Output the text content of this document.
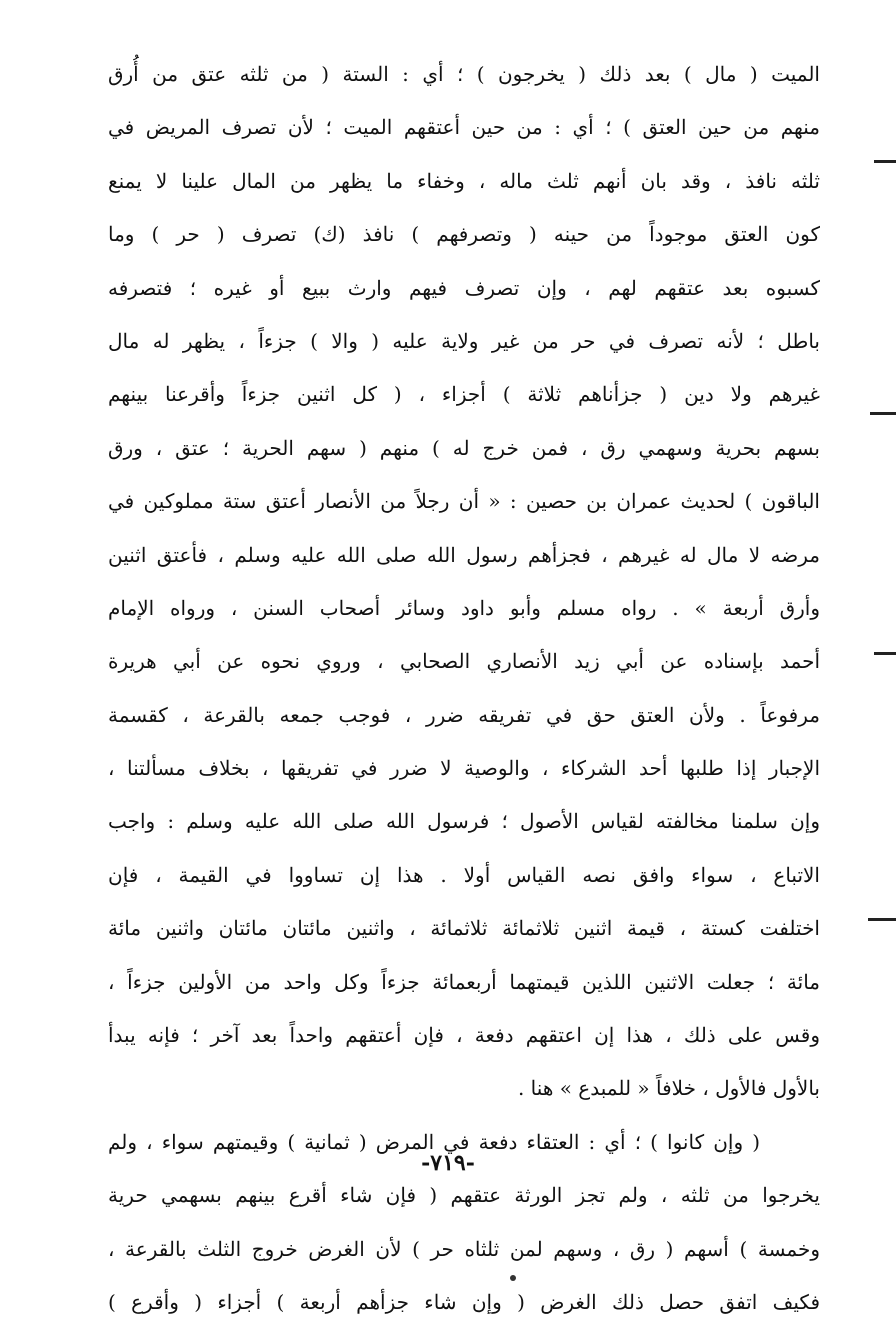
الميت ( مال ) بعد ذلك ( يخرجون ) ؛ أي : الستة ( من ثلثه عتق من أُرق
منهم من حين العتق ) ؛ أي : من حين أعتقهم الميت ؛ لأن تصرف المريض في
ثلثه نافذ ، وقد بان أنهم ثلث ماله ، وخفاء ما يظهر من المال علينا لا يمنع
كون العتق موجوداً من حينه ( وتصرفهم ) نافذ (ك) تصرف ( حر ) وما
كسبوه بعد عتقهم لهم ، وإن تصرف فيهم وارث ببيع أو غيره ؛ فتصرفه
باطل ؛ لأنه تصرف في حر من غير ولاية عليه ( والا ) جزءاً ، يظهر له مال
غيرهم ولا دين ( جزأناهم ثلاثة ) أجزاء ، ( كل اثنين جزءاً وأقرعنا بينهم
بسهم بحرية وسهمي رق ، فمن خرج له ) منهم ( سهم الحرية ؛ عتق ، ورق
الباقون ) لحديث عمران بن حصين : « أن رجلاً من الأنصار أعتق ستة مملوكين في
مرضه لا مال له غيرهم ، فجزأهم رسول الله صلى الله عليه وسلم ، فأعتق اثنين
وأرق أربعة » . رواه مسلم وأبو داود وسائر أصحاب السنن ، ورواه الإمام
أحمد بإسناده عن أبي زيد الأنصاري الصحابي ، وروي نحوه عن أبي هريرة
مرفوعاً . ولأن العتق حق في تفريقه ضرر ، فوجب جمعه بالقرعة ، كقسمة
الإجبار إذا طلبها أحد الشركاء ، والوصية لا ضرر في تفريقها ، بخلاف مسألتنا ،
وإن سلمنا مخالفته لقياس الأصول ؛ فرسول الله صلى الله عليه وسلم : واجب
الاتباع ، سواء وافق نصه القياس أولا . هذا إن تساووا في القيمة ، فإن
اختلفت كستة ، قيمة اثنين ثلاثمائة ثلاثمائة ، واثنين مائتان مائتان واثنين مائة
مائة ؛ جعلت الاثنين اللذين قيمتهما أربعمائة جزءاً وكل واحد من الأولين جزءاً ،
وقس على ذلك ، هذا إن اعتقهم دفعة ، فإن أعتقهم واحداً بعد آخر ؛ فإنه يبدأ
بالأول فالأول ، خلافاً « للمبدع » هنا .
( وإن كانوا ) ؛ أي : العتقاء دفعة في المرض ( ثمانية ) وقيمتهم سواء ، ولم
يخرجوا من ثلثه ، ولم تجز الورثة عتقهم ( فإن شاء أقرع بينهم بسهمي حرية
وخمسة ) أسهم ( رق ، وسهم لمن ثلثاه حر ) لأن الغرض خروج الثلث بالقرعة ،
فكيف اتفق حصل ذلك الغرض ( وإن شاء جزأهم أربعة ) أجزاء ( وأقرع )
-٧١٩-
